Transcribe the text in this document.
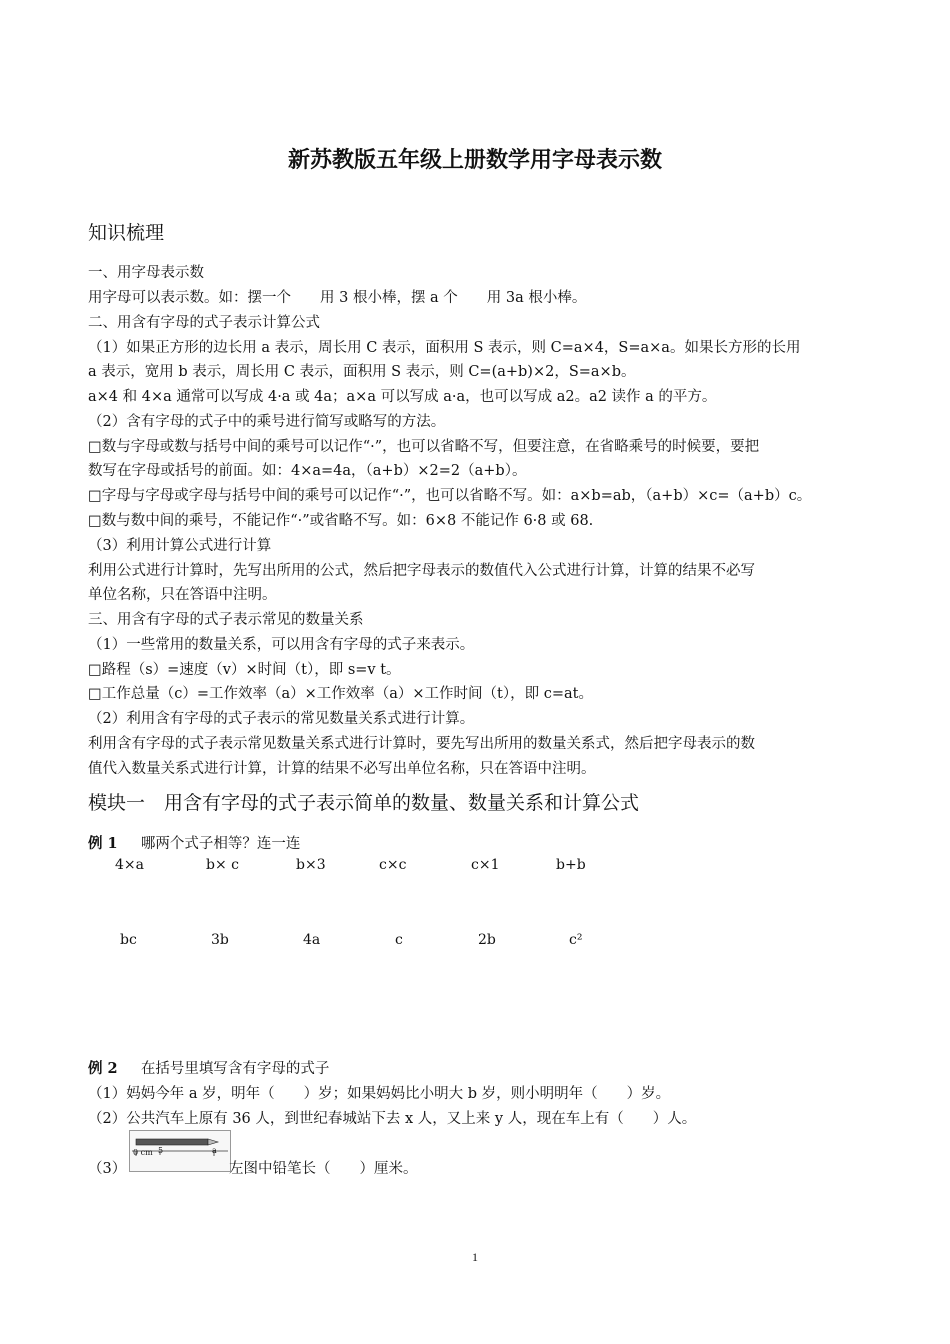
新苏教版五年级上册数学用字母表示数
知识梳理
一、用字母表示数
用字母可以表示数。如：摆一个　　用 3 根小棒，摆 a 个　　用 3a 根小棒。
二、用含有字母的式子表示计算公式
（1）如果正方形的边长用 a 表示，周长用 C 表示，面积用 S 表示，则 C=a×4，S=a×a。如果长方形的长用
a 表示，宽用 b 表示，周长用 C 表示，面积用 S 表示，则 C=(a+b)×2，S=a×b。
a×4 和 4×a 通常可以写成 4·a 或 4a；a×a 可以写成 a·a，也可以写成 a2。a2 读作 a 的平方。
（2）含有字母的式子中的乘号进行简写或略写的方法。
□数与字母或数与括号中间的乘号可以记作“·”，也可以省略不写，但要注意，在省略乘号的时候要，要把
数写在字母或括号的前面。如：4×a=4a，（a+b）×2=2（a+b）。
□字母与字母或字母与括号中间的乘号可以记作“·”，也可以省略不写。如：a×b=ab，（a+b）×c=（a+b）c。
□数与数中间的乘号，不能记作“·”或省略不写。如：6×8 不能记作 6·8 或 68.
（3）利用计算公式进行计算
利用公式进行计算时，先写出所用的公式，然后把字母表示的数值代入公式进行计算，计算的结果不必写
单位名称，只在答语中注明。
三、用含有字母的式子表示常见的数量关系
（1）一些常用的数量关系，可以用含有字母的式子来表示。
□路程（s）=速度（v）×时间（t），即 s=v t。
□工作总量（c）=工作效率（a）×工作效率（a）×工作时间（t），即 c=at。
（2）利用含有字母的式子表示的常见数量关系式进行计算。
利用含有字母的式子表示常见数量关系式进行计算时，要先写出所用的数量关系式，然后把字母表示的数
值代入数量关系式进行计算，计算的结果不必写出单位名称，只在答语中注明。
模块一　用含有字母的式子表示简单的数量、数量关系和计算公式
例 1 哪两个式子相等？连一连
4×a	b× c	b×3	c×c	c×1	b+b
bc	3b	4a	c	2b	c²
例 2 在括号里填写含有字母的式子
（1）妈妈今年 a 岁，明年（　　）岁；如果妈妈比小明大 b 岁，则小明明年（　　）岁。
（2）公共汽车上原有 36 人，到世纪春城站下去 x 人，又上来 y 人，现在车上有（　　）人。
（3）
0 cm 5	a
左图中铅笔长（　　）厘米。
1
